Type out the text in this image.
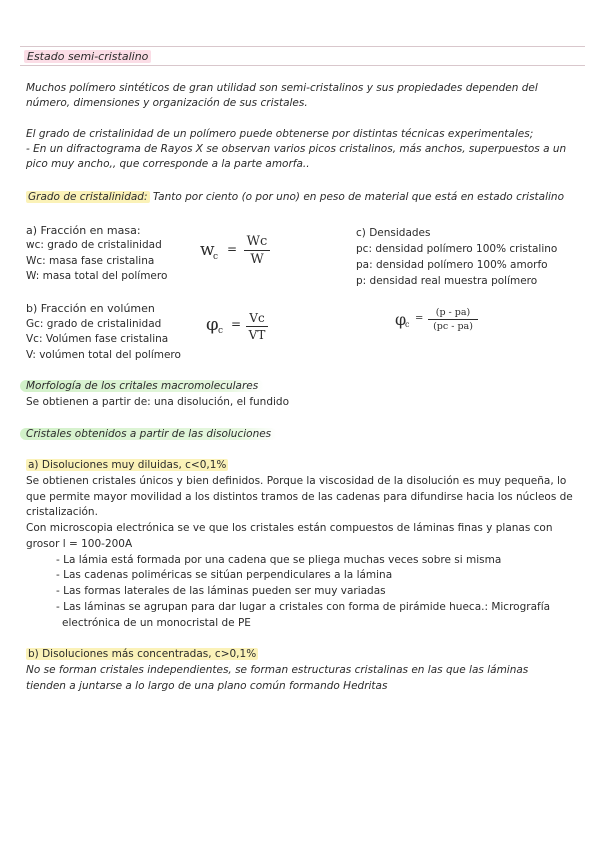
Estado semi-cristalino
Muchos polímero sintéticos de gran utilidad son semi-cristalinos y sus propiedades dependen del
número, dimensiones y organización de sus cristales.
El grado de cristalinidad de un polímero puede obtenerse por distintas técnicas experimentales;
- En un difractograma de Rayos X se observan varios picos cristalinos, más anchos, superpuestos a un
pico muy ancho,, que corresponde a la parte amorfa..
Grado de cristalinidad: Tanto por ciento (o por uno) en peso de material que está en estado cristalino
a) Fracción en masa:
wc: grado de cristalinidad
Wc: masa fase cristalina
W: masa total del polímero
w
c
= Wc
W
c) Densidades
pc: densidad polímero 100% cristalino
pa: densidad polímero 100% amorfo
p: densidad real muestra polímero
φ
c
=
(p - pa)
(pc - pa)
b) Fracción en volúmen
Gc: grado de cristalinidad
Vc: Volúmen fase cristalina
V: volúmen total del polímero
φ c = Vc
VT
Morfología de los critales macromoleculares
Se obtienen a partir de: una disolución, el fundido
Cristales obtenidos a partir de las disoluciones
a) Disoluciones muy diluidas, c<0,1%
Se obtienen cristales únicos y bien definidos. Porque la viscosidad de la disolución es muy pequeña, lo
que permite mayor movilidad a los distintos tramos de las cadenas para difundirse hacia los núcleos de
cristalización.
Con microscopia electrónica se ve que los cristales están compuestos de láminas finas y planas con
grosor l = 100-200A
- La lámia está formada por una cadena que se pliega muchas veces sobre si misma
- Las cadenas poliméricas se sitúan perpendiculares a la lámina
- Las formas laterales de las láminas pueden ser muy variadas
- Las láminas se agrupan para dar lugar a cristales con forma de pirámide hueca.: Micrografía
electrónica de un monocristal de PE
b) Disoluciones más concentradas, c>0,1%
No se forman cristales independientes, se forman estructuras cristalinas en las que las láminas
tienden a juntarse a lo largo de una plano común formando Hedritas
